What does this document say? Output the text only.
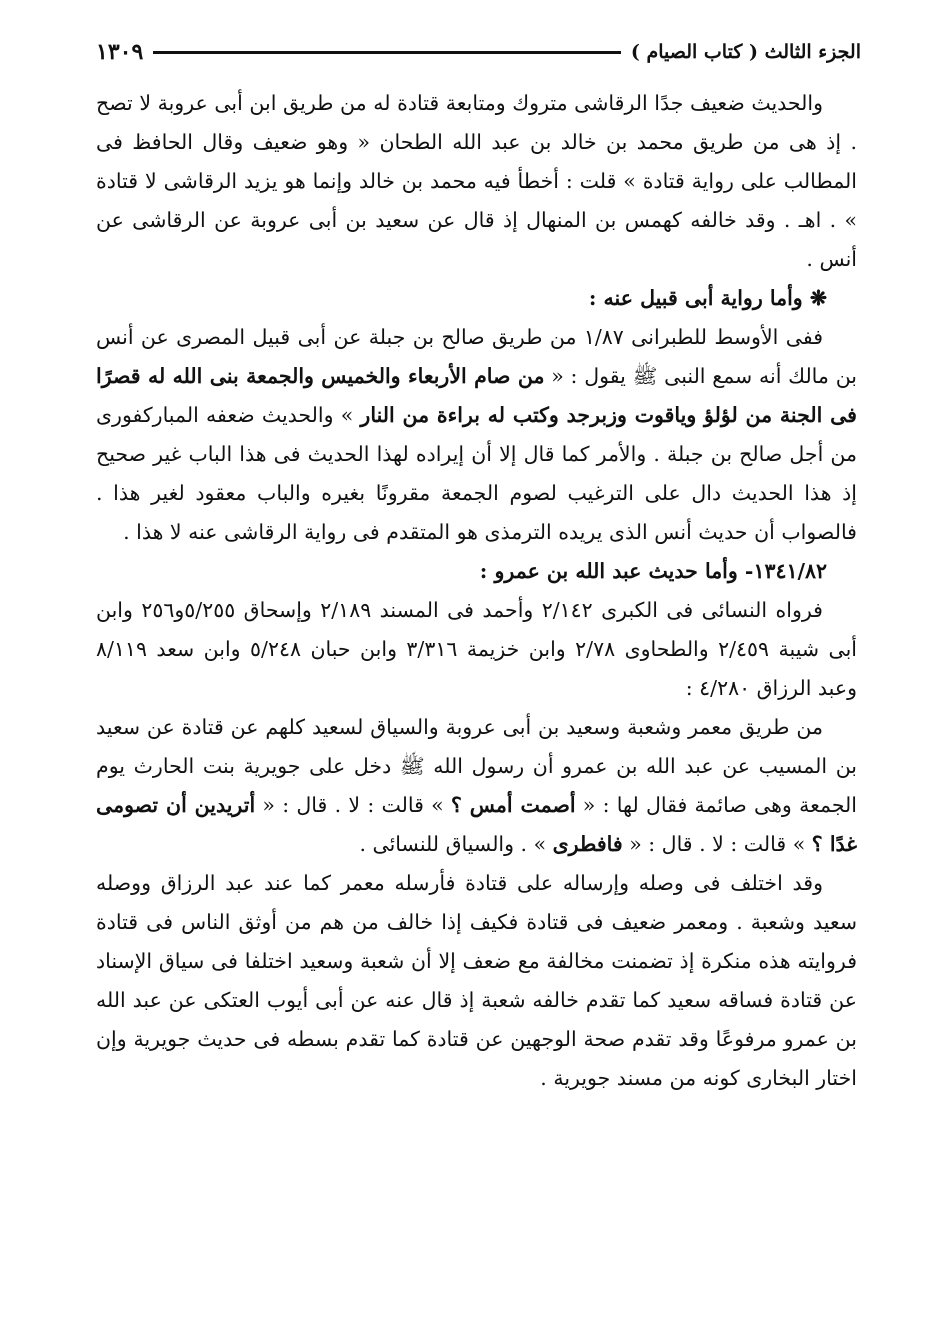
الجزء الثالث ( كتاب الصيام )
١٣٠٩

والحديث ضعيف جدًا الرقاشى متروك ومتابعة قتادة له من طريق ابن أبى عروبة لا تصح . إذ هى من طريق محمد بن خالد بن عبد الله الطحان « وهو ضعيف وقال الحافظ فى المطالب على رواية قتادة » قلت : أخطأ فيه محمد بن خالد وإنما هو يزيد الرقاشى لا قتادة » . اهـ . وقد خالفه كهمس بن المنهال إذ قال عن سعيد بن أبى عروبة عن الرقاشى عن أنس .

❋ وأما رواية أبى قبيل عنه :

ففى الأوسط للطبرانى ١/٨٧ من طريق صالح بن جبلة عن أبى قبيل المصرى عن أنس بن مالك أنه سمع النبى ﷺ يقول : « من صام الأربعاء والخميس والجمعة بنى الله له قصرًا فى الجنة من لؤلؤ وياقوت وزبرجد وكتب له براءة من النار » والحديث ضعفه المباركفورى من أجل صالح بن جبلة . والأمر كما قال إلا أن إيراده لهذا الحديث فى هذا الباب غير صحيح إذ هذا الحديث دال على الترغيب لصوم الجمعة مقرونًا بغيره والباب معقود لغير هذا . فالصواب أن حديث أنس الذى يريده الترمذى هو المتقدم فى رواية الرقاشى عنه لا هذا .

١٣٤١/٨٢- وأما حديث عبد الله بن عمرو :

فرواه النسائى فى الكبرى ٢/١٤٢ وأحمد فى المسند ٢/١٨٩ وإسحاق ٥/٢٥٥و٢٥٦ وابن أبى شيبة ٢/٤٥٩ والطحاوى ٢/٧٨ وابن خزيمة ٣/٣١٦ وابن حبان ٥/٢٤٨ وابن سعد ٨/١١٩ وعبد الرزاق ٤/٢٨٠ :

من طريق معمر وشعبة وسعيد بن أبى عروبة والسياق لسعيد كلهم عن قتادة عن سعيد بن المسيب عن عبد الله بن عمرو أن رسول الله ﷺ دخل على جويرية بنت الحارث يوم الجمعة وهى صائمة فقال لها : « أصمت أمس ؟ » قالت : لا . قال : « أتريدين أن تصومى غدًا ؟ » قالت : لا . قال : « فافطرى » . والسياق للنسائى .

وقد اختلف فى وصله وإرساله على قتادة فأرسله معمر كما عند عبد الرزاق ووصله سعيد وشعبة . ومعمر ضعيف فى قتادة فكيف إذا خالف من هم من أوثق الناس فى قتادة فروايته هذه منكرة إذ تضمنت مخالفة مع ضعف إلا أن شعبة وسعيد اختلفا فى سياق الإسناد عن قتادة فساقه سعيد كما تقدم خالفه شعبة إذ قال عنه عن أبى أيوب العتكى عن عبد الله بن عمرو مرفوعًا وقد تقدم صحة الوجهين عن قتادة كما تقدم بسطه فى حديث جويرية وإن اختار البخارى كونه من مسند جويرية .
